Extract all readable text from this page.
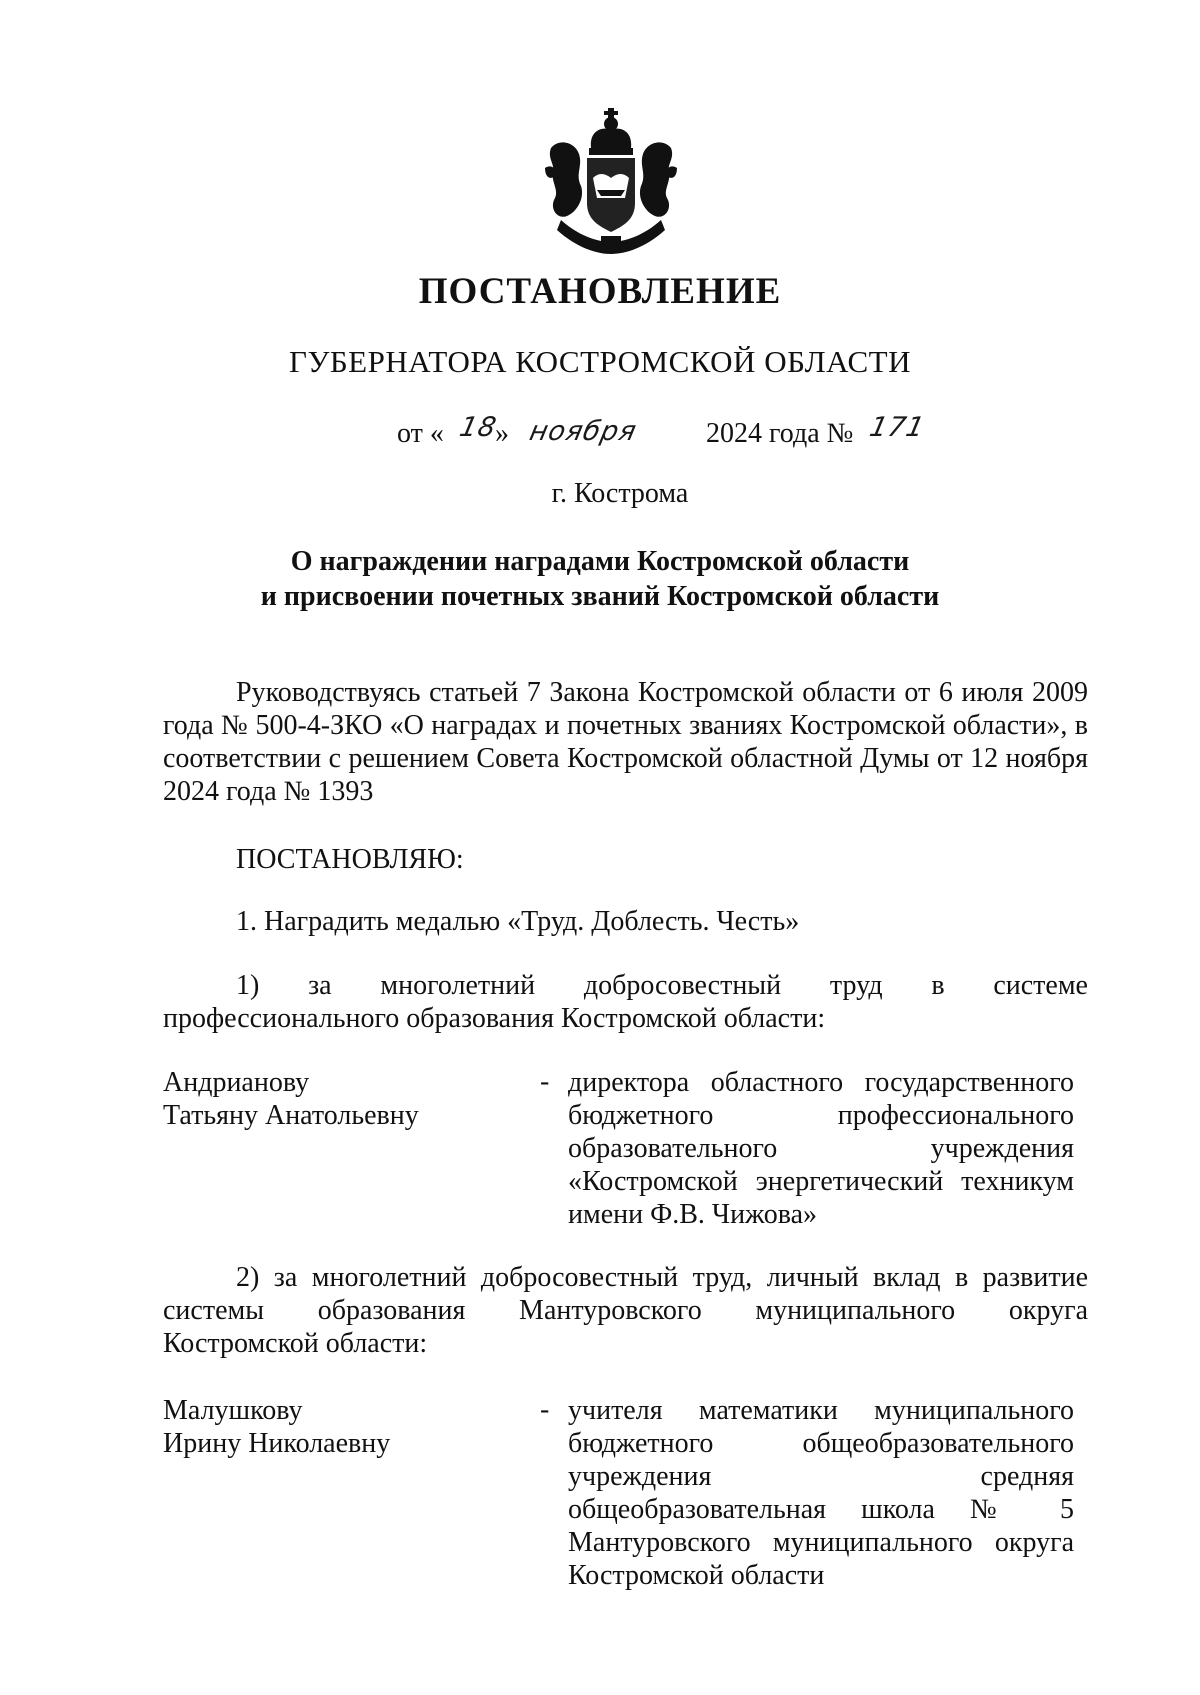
ПОСТАНОВЛЕНИЕ
ГУБЕРНАТОРА КОСТРОМСКОЙ ОБЛАСТИ
от « 18
» ноября 2024 года № 171
г. Кострома
О награждении наградами Костромской области
и присвоении почетных званий Костромской области

Руководствуясь статьей 7 Закона Костромской области от 6 июля 2009 года № 500-4-ЗКО «О наградах и почетных званиях Костромской области», в соответствии с решением Совета Костромской областной Думы от 12 ноября 2024 года № 1393

ПОСТАНОВЛЯЮ:
1. Наградить медалью «Труд. Доблесть. Честь»
1) за многолетний добросовестный труд в системе
профессионального образования Костромской области:
Андрианову
Татьяну Анатольевну
- директора областного государственного
бюджетного профессионального
образовательного учреждения
«Костромской энергетический техникум
имени Ф.В. Чижова»
2) за многолетний добросовестный труд, личный вклад в развитие
системы образования Мантуровского муниципального округа
Костромской области:
Малушкову
Ирину Николаевну
- учителя математики муниципального
бюджетного общеобразовательного
учреждения средняя
общеобразовательная школа № 5
Мантуровского муниципального округа
Костромской области
